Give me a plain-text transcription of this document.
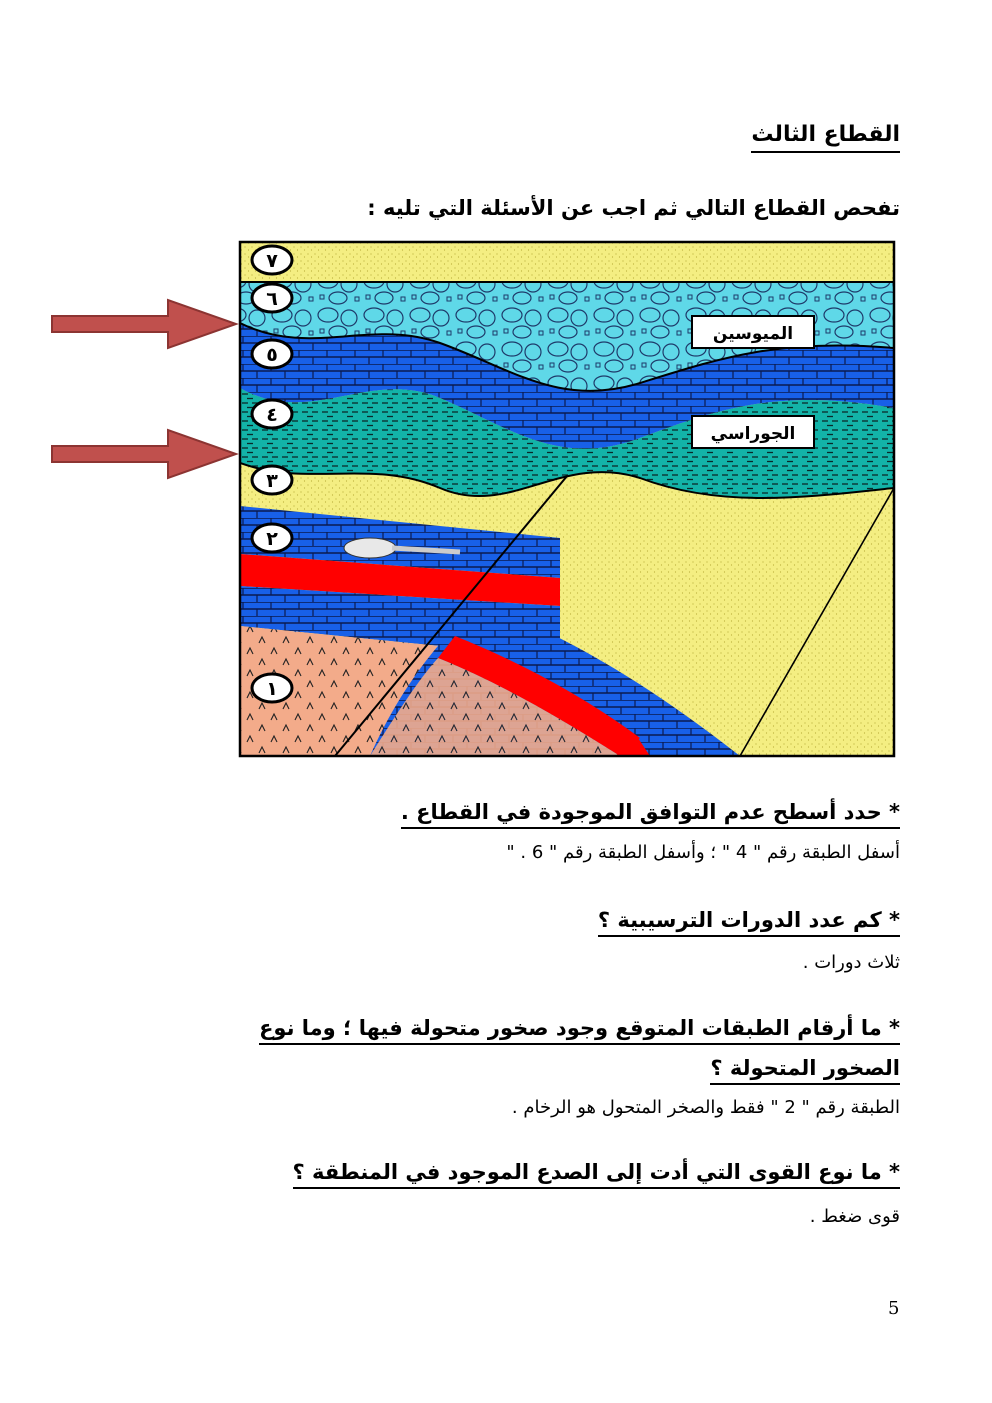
القطاع الثالث
تفحص القطاع التالي ثم اجب عن الأسئلة التي تليه :
الميوسين
الجوراسي
٧
٦
٥
٤
٣
٢
١
* حدد أسطح عدم التوافق الموجودة في القطاع .
أسفل الطبقة رقم " 4 " ؛ وأسفل الطبقة رقم " 6 . "
* كم عدد الدورات الترسيبية ؟
ثلاث دورات .
* ما أرقام الطبقات المتوقع وجود صخور متحولة فيها ؛ وما نوع
الصخور المتحولة ؟
الطبقة رقم " 2 " فقط والصخر المتحول هو الرخام .
* ما نوع القوى التي أدت إلى الصدع الموجود في المنطقة ؟
قوى ضغط .
5
